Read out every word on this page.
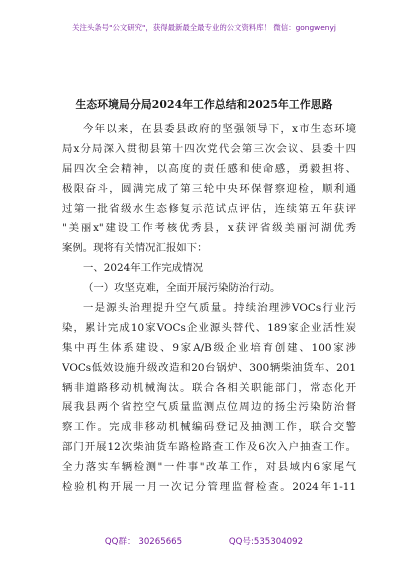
关注头条号"公文研究"，获得最新最全最专业的公文资料库！ 微信：gongwenyj
生态环境局分局2024年工作总结和2025年工作思路
今年以来，在县委县政府的坚强领导下，x市生态环境
局x分局深入贯彻县第十四次党代会第三次会议、县委十四
届四次全会精神，以高度的责任感和使命感，勇毅担将、
极限奋斗，圆满完成了第三轮中央环保督察迎检，顺利通
过第一批省级水生态修复示范试点评估，连续第五年获评
"美丽x"建设工作考核优秀县，x获评省级美丽河湖优秀
案例。现将有关情况汇报如下：
一、2024年工作完成情况
（一）攻坚克难，全面开展污染防治行动。
一是源头治理提升空气质量。持续治理涉VOCs行业污
染，累计完成10家VOCs企业源头替代、189家企业活性炭
集中再生体系建设、9家A/B级企业培育创建、100家涉
VOCs低效设施升级改造和20台锅炉、300辆柴油货车、201
辆非道路移动机械淘汰。联合各相关职能部门，常态化开
展我县两个省控空气质量监测点位周边的扬尘污染防治督
察工作。完成非移动机械编码登记及抽测工作，联合交警
部门开展12次柴油货车路检路查工作及6次入户抽查工作。
全力落实车辆检测"一件事"改革工作，对县域内6家尾气
检验机构开展一月一次记分管理监督检查。2024年1-11
QQ群： 30265665	QQ号:535304092
